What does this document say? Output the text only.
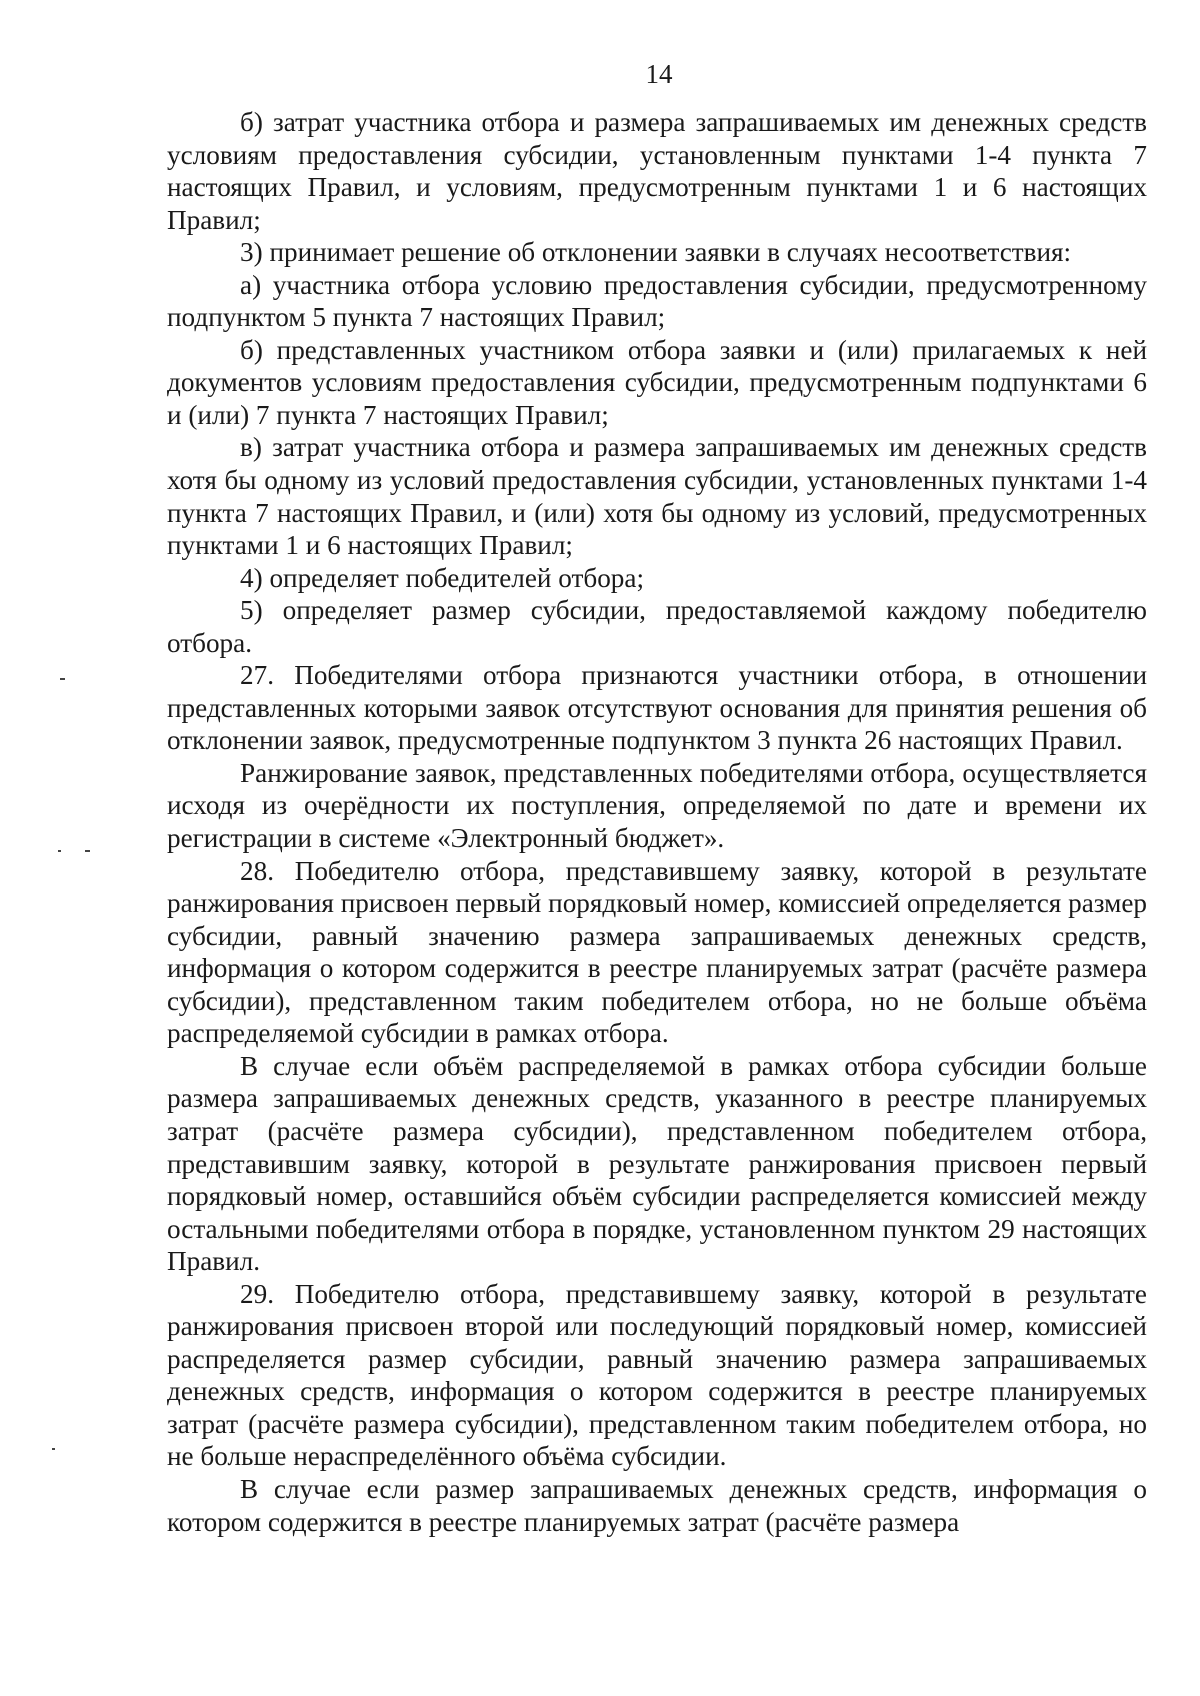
14

б) затрат участника отбора и размера запрашиваемых им денежных средств условиям предоставления субсидии, установленным пунктами 1-4 пункта 7 настоящих Правил, и условиям, предусмотренным пунктами 1 и 6 настоящих Правил;

3) принимает решение об отклонении заявки в случаях несоответствия:

а) участника отбора условию предоставления субсидии, предусмотренному подпунктом 5 пункта 7 настоящих Правил;

б) представленных участником отбора заявки и (или) прилагаемых к ней документов условиям предоставления субсидии, предусмотренным подпунктами 6 и (или) 7 пункта 7 настоящих Правил;

в) затрат участника отбора и размера запрашиваемых им денежных средств хотя бы одному из условий предоставления субсидии, установленных пунктами 1-4 пункта 7 настоящих Правил, и (или) хотя бы одному из условий, предусмотренных пунктами 1 и 6 настоящих Правил;

4) определяет победителей отбора;

5) определяет размер субсидии, предоставляемой каждому победителю отбора.

27. Победителями отбора признаются участники отбора, в отношении представленных которыми заявок отсутствуют основания для принятия решения об отклонении заявок, предусмотренные подпунктом 3 пункта 26 настоящих Правил.

Ранжирование заявок, представленных победителями отбора, осуществляется исходя из очерёдности их поступления, определяемой по дате и времени их регистрации в системе «Электронный бюджет».

28. Победителю отбора, представившему заявку, которой в результате ранжирования присвоен первый порядковый номер, комиссией определяется размер субсидии, равный значению размера запрашиваемых денежных средств, информация о котором содержится в реестре планируемых затрат (расчёте размера субсидии), представленном таким победителем отбора, но не больше объёма распределяемой субсидии в рамках отбора.

В случае если объём распределяемой в рамках отбора субсидии больше размера запрашиваемых денежных средств, указанного в реестре планируемых затрат (расчёте размера субсидии), представленном победителем отбора, представившим заявку, которой в результате ранжирования присвоен первый порядковый номер, оставшийся объём субсидии распределяется комиссией между остальными победителями отбора в порядке, установленном пунктом 29 настоящих Правил.

29. Победителю отбора, представившему заявку, которой в результате ранжирования присвоен второй или последующий порядковый номер, комиссией распределяется размер субсидии, равный значению размера запрашиваемых денежных средств, информация о котором содержится в реестре планируемых затрат (расчёте размера субсидии), представленном таким победителем отбора, но не больше нераспределённого объёма субсидии.

В случае если размер запрашиваемых денежных средств, информация о котором содержится в реестре планируемых затрат (расчёте размера
